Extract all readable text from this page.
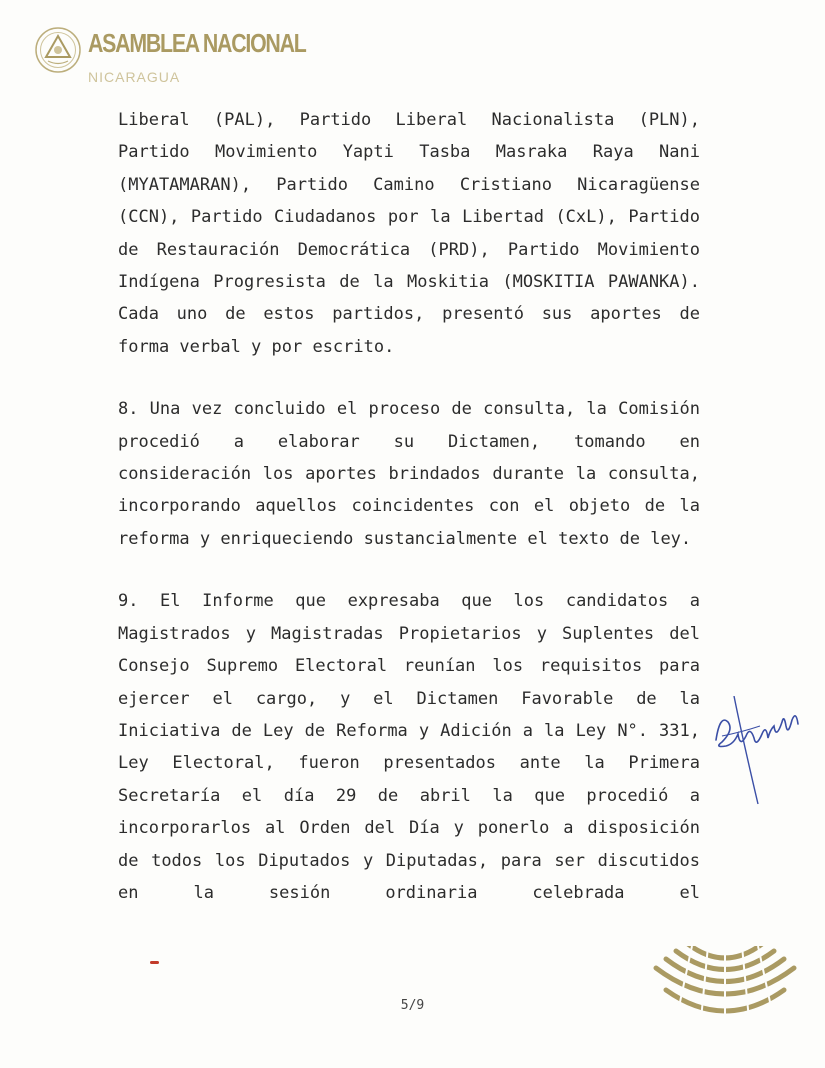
ASAMBLEA NACIONAL
NICARAGUA

Liberal (PAL), Partido Liberal Nacionalista (PLN), Partido Movimiento Yapti Tasba Masraka Raya Nani (MYATAMARAN), Partido Camino Cristiano Nicaragüense (CCN), Partido Ciudadanos por la Libertad (CxL), Partido de Restauración Democrática (PRD), Partido Movimiento Indígena Progresista de la Moskitia (MOSKITIA PAWANKA). Cada uno de estos partidos, presentó sus aportes de forma verbal y por escrito.

8. Una vez concluido el proceso de consulta, la Comisión procedió a elaborar su Dictamen, tomando en consideración los aportes brindados durante la consulta, incorporando aquellos coincidentes con el objeto de la reforma y enriqueciendo sustancialmente el texto de ley.

9. El Informe que expresaba que los candidatos a Magistrados y Magistradas Propietarios y Suplentes del Consejo Supremo Electoral reunían los requisitos para ejercer el cargo, y el Dictamen Favorable de la Iniciativa de Ley de Reforma y Adición a la Ley N°. 331, Ley Electoral, fueron presentados ante la Primera Secretaría el día 29 de abril la que procedió a incorporarlos al Orden del Día y ponerlo a disposición de todos los Diputados y Diputadas, para ser discutidos en la sesión ordinaria celebrada el

5/9
